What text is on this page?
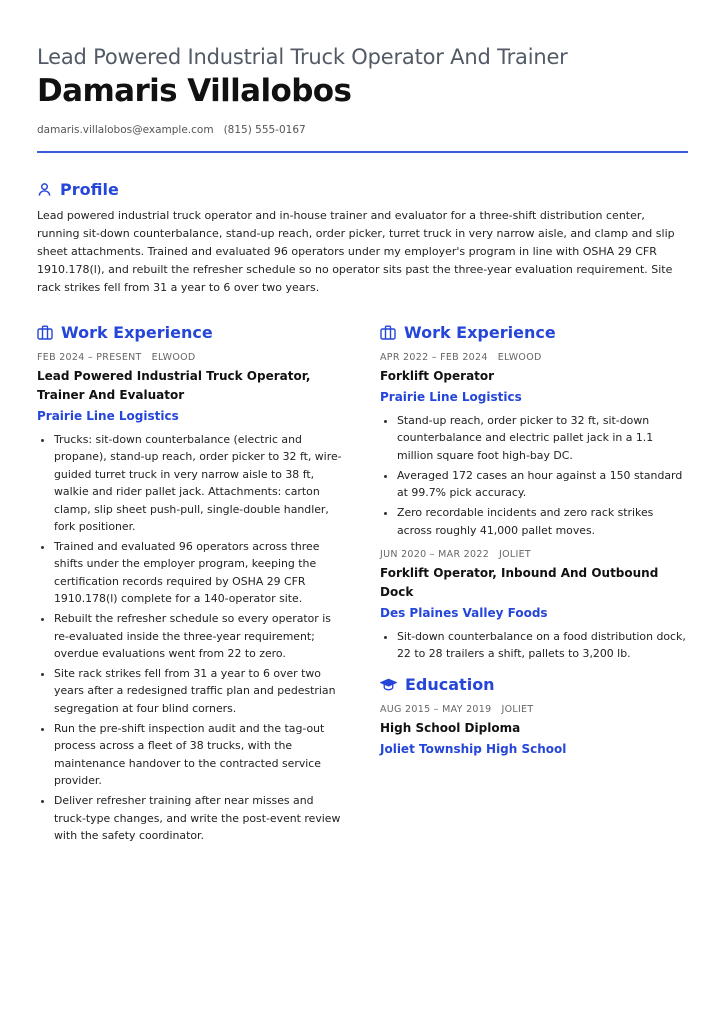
Lead Powered Industrial Truck Operator And Trainer
Damaris Villalobos
damaris.villalobos@example.com (815) 555-0167
Profile

Lead powered industrial truck operator and in-house trainer and evaluator for a three-shift distribution center, running sit-down counterbalance, stand-up reach, order picker, turret truck in very narrow aisle, and clamp and slip sheet attachments. Trained and evaluated 96 operators under my employer's program in line with OSHA 29 CFR 1910.178(l), and rebuilt the refresher schedule so no operator sits past the three-year evaluation requirement. Site rack strikes fell from 31 a year to 6 over two years.

Work Experience
FEB 2024 – PRESENT ELWOOD
Lead Powered Industrial Truck Operator, Trainer And Evaluator
Prairie Line Logistics
• Trucks: sit-down counterbalance (electric and propane), stand-up reach, order picker to 32 ft, wire-guided turret truck in very narrow aisle to 38 ft, walkie and rider pallet jack. Attachments: carton clamp, slip sheet push-pull, single-double handler, fork positioner.
• Trained and evaluated 96 operators across three shifts under the employer program, keeping the certification records required by OSHA 29 CFR 1910.178(l) complete for a 140-operator site.
• Rebuilt the refresher schedule so every operator is re-evaluated inside the three-year requirement; overdue evaluations went from 22 to zero.
• Site rack strikes fell from 31 a year to 6 over two years after a redesigned traffic plan and pedestrian segregation at four blind corners.
• Run the pre-shift inspection audit and the tag-out process across a fleet of 38 trucks, with the maintenance handover to the contracted service provider.
• Deliver refresher training after near misses and truck-type changes, and write the post-event review with the safety coordinator.
Work Experience
APR 2022 – FEB 2024 ELWOOD
Forklift Operator
Prairie Line Logistics
• Stand-up reach, order picker to 32 ft, sit-down counterbalance and electric pallet jack in a 1.1 million square foot high-bay DC.
• Averaged 172 cases an hour against a 150 standard at 99.7% pick accuracy.
• Zero recordable incidents and zero rack strikes across roughly 41,000 pallet moves.
JUN 2020 – MAR 2022 JOLIET
Forklift Operator, Inbound And Outbound Dock
Des Plaines Valley Foods
• Sit-down counterbalance on a food distribution dock, 22 to 28 trailers a shift, pallets to 3,200 lb.
Education
AUG 2015 – MAY 2019 JOLIET
High School Diploma
Joliet Township High School
